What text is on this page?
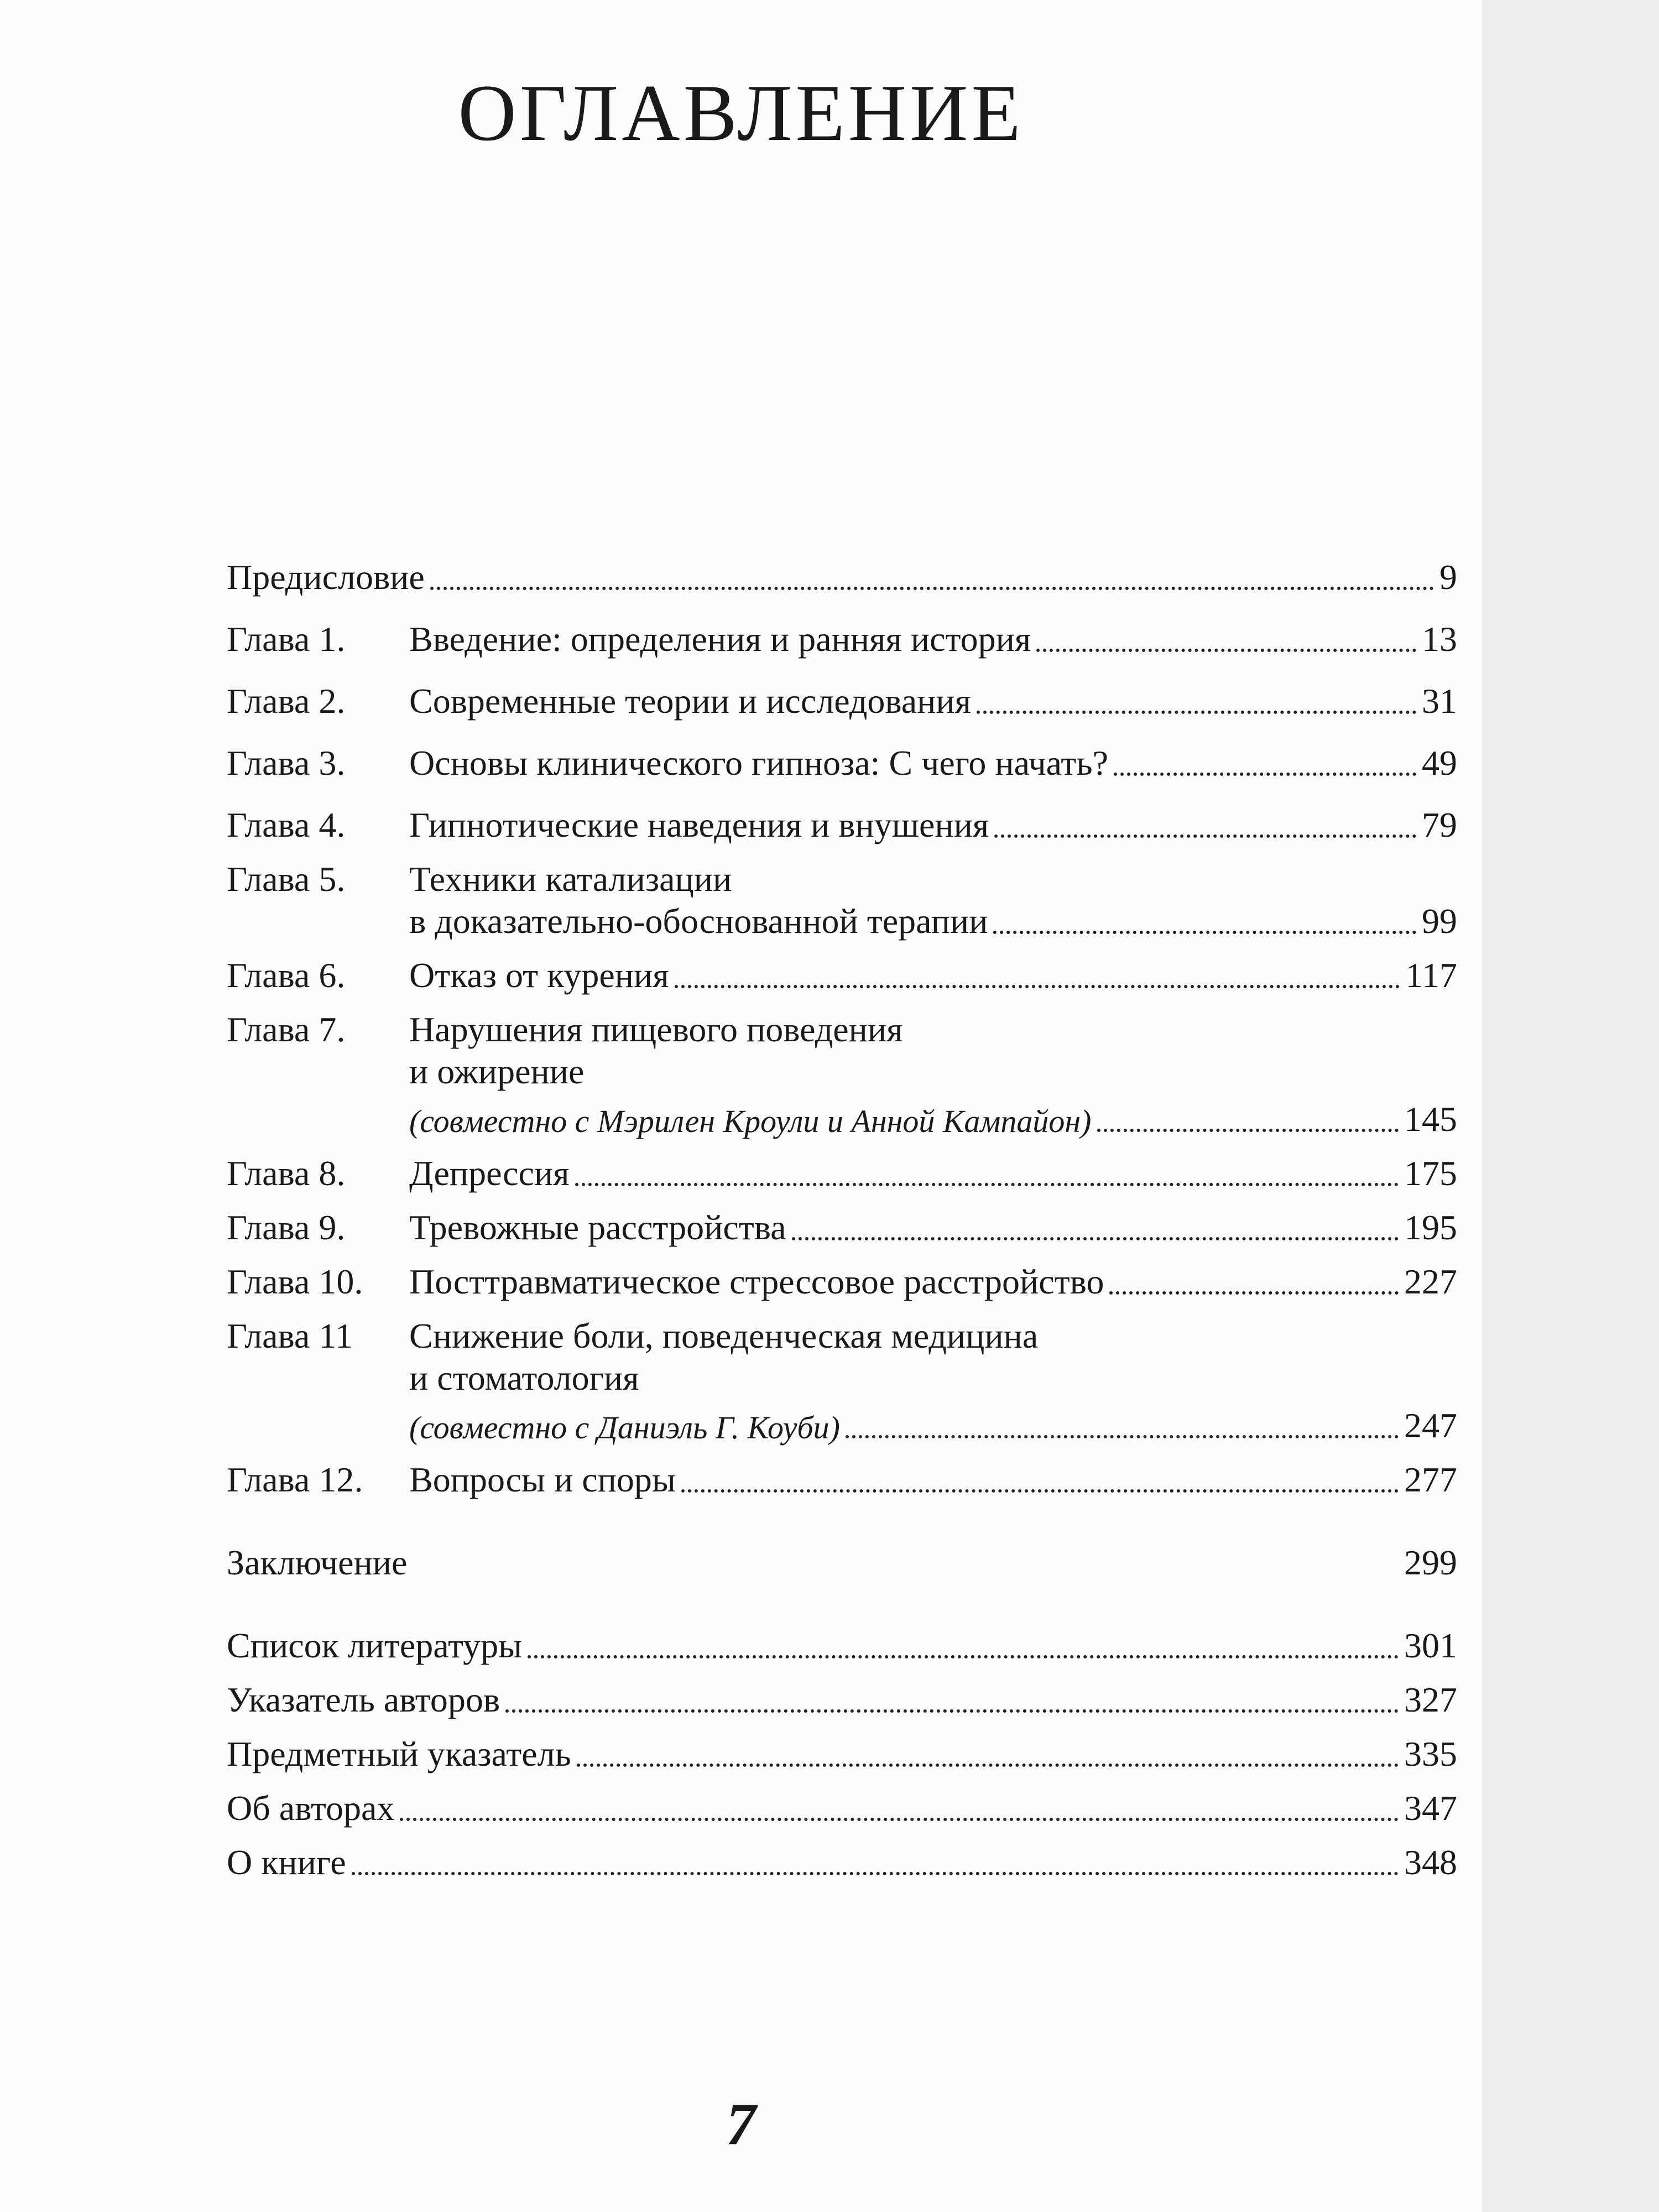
ОГЛАВЛЕНИЕ
Предисловие	9
Глава 1.	Введение: определения и ранняя история	13
Глава 2.	Современные теории и исследования	31
Глава 3.	Основы клинического гипноза: С чего начать?	49
Глава 4.	Гипнотические наведения и внушения	79
Глава 5.	Техники катализации
в доказательно-обоснованной терапии	99
Глава 6.	Отказ от курения	117
Глава 7.	Нарушения пищевого поведения
и ожирение
(совместно с Мэрилен Кроули и Анной Кампайон)	145
Глава 8.	Депрессия	175
Глава 9.	Тревожные расстройства	195
Глава 10.	Посттравматическое стрессовое расстройство	227
Глава 11	Снижение боли, поведенческая медицина
и стоматология
(совместно с Даниэль Г. Коуби)	247
Глава 12.	Вопросы и споры	277
Заключение	299
Список литературы	301
Указатель авторов	327
Предметный указатель	335
Об авторах	347
О книге	348
7
